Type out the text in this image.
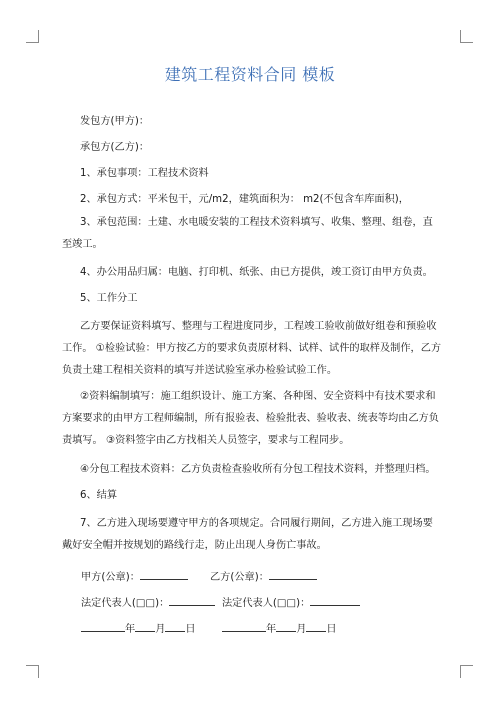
建筑工程资料合同 模板
发包方(甲方)：
承包方(乙方)：
1、承包事项：工程技术资料
2、承包方式：平米包干，元/m2，建筑面积为： m2(不包含车库面积)，
3、承包范围：土建、水电暖安装的工程技术资料填写、收集、整理、组卷，直
至竣工。
4、办公用品归属：电脑、打印机、纸张、由已方提供，竣工资订由甲方负责。
5、工作分工
乙方要保证资料填写、整理与工程进度同步，工程竣工验收前做好组卷和预验收
工作。 ①检验试验：甲方按乙方的要求负责原材料、试样、试件的取样及制作，乙方
负责土建工程相关资料的填写并送试验室承办检验试验工作。
②资料编制填写：施工组织设计、施工方案、各种图、安全资料中有技术要求和
方案要求的由甲方工程师编制，所有报验表、检验批表、验收表、统表等均由乙方负
责填写。 ③资料签字由乙方找相关人员签字，要求与工程同步。
④分包工程技术资料：乙方负责检查验收所有分包工程技术资料，并整理归档。
6、结算
7、乙方进入现场要遵守甲方的各项规定。合同履行期间，乙方进入施工现场要
戴好安全帽并按规划的路线行走，防止出现人身伤亡事故。
甲方(公章)：	乙方(公章)：
法定代表人(□□)：	法定代表人(□□)：
年 月 日	年 月 日
